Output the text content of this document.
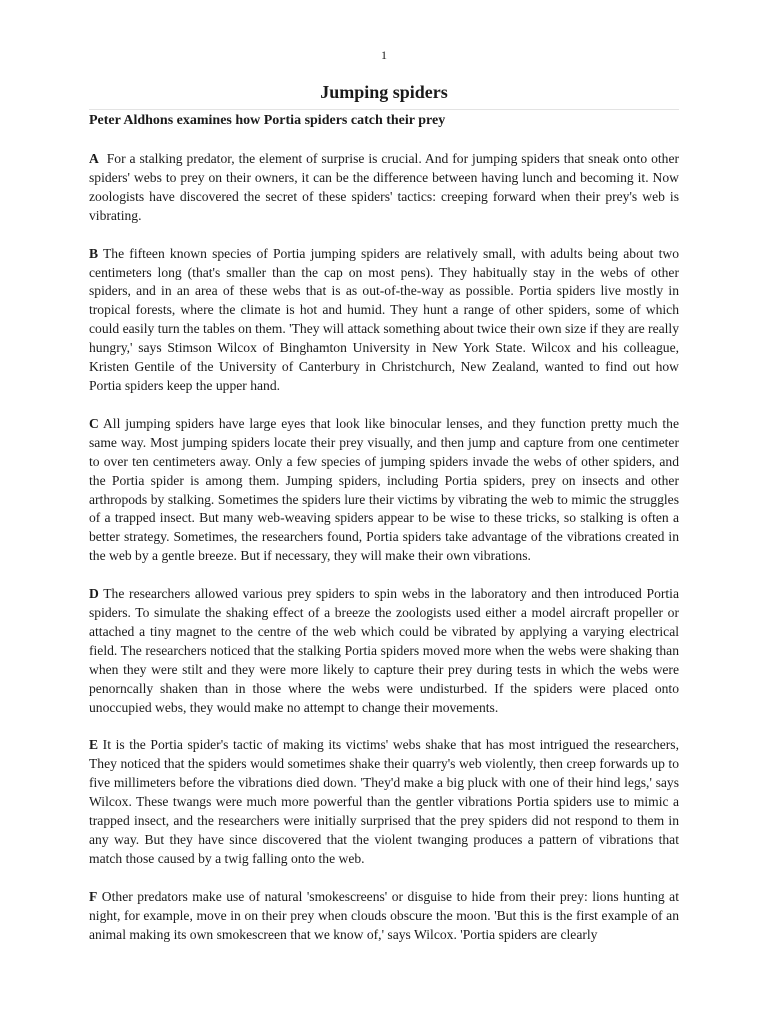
1
Jumping spiders

Peter Aldhons examines how Portia spiders catch their prey

A For a stalking predator, the element of surprise is crucial. And for jumping spiders that sneak onto other spiders' webs to prey on their owners, it can be the difference between having lunch and becoming it. Now zoologists have discovered the secret of these spiders' tactics: creeping forward when their prey's web is vibrating.

B The fifteen known species of Portia jumping spiders are relatively small, with adults being about two centimeters long (that's smaller than the cap on most pens). They habitually stay in the webs of other spiders, and in an area of these webs that is as out-of-the-way as possible. Portia spiders live mostly in tropical forests, where the climate is hot and humid. They hunt a range of other spiders, some of which could easily turn the tables on them. 'They will attack something about twice their own size if they are really hungry,' says Stimson Wilcox of Binghamton University in New York State. Wilcox and his colleague, Kristen Gentile of the University of Canterbury in Christchurch, New Zealand, wanted to find out how Portia spiders keep the upper hand.

C All jumping spiders have large eyes that look like binocular lenses, and they function pretty much the same way. Most jumping spiders locate their prey visually, and then jump and capture from one centimeter to over ten centimeters away. Only a few species of jumping spiders invade the webs of other spiders, and the Portia spider is among them. Jumping spiders, including Portia spiders, prey on insects and other arthropods by stalking. Sometimes the spiders lure their victims by vibrating the web to mimic the struggles of a trapped insect. But many web-weaving spiders appear to be wise to these tricks, so stalking is often a better strategy. Sometimes, the researchers found, Portia spiders take advantage of the vibrations created in the web by a gentle breeze. But if necessary, they will make their own vibrations.

D The researchers allowed various prey spiders to spin webs in the laboratory and then introduced Portia spiders. To simulate the shaking effect of a breeze the zoologists used either a model aircraft propeller or attached a tiny magnet to the centre of the web which could be vibrated by applying a varying electrical field. The researchers noticed that the stalking Portia spiders moved more when the webs were shaking than when they were stilt and they were more likely to capture their prey during tests in which the webs were penorncally shaken than in those where the webs were undisturbed. If the spiders were placed onto unoccupied webs, they would make no attempt to change their movements.

E It is the Portia spider's tactic of making its victims' webs shake that has most intrigued the researchers, They noticed that the spiders would sometimes shake their quarry's web violently, then creep forwards up to five millimeters before the vibrations died down. 'They'd make a big pluck with one of their hind legs,' says Wilcox. These twangs were much more powerful than the gentler vibrations Portia spiders use to mimic a trapped insect, and the researchers were initially surprised that the prey spiders did not respond to them in any way. But they have since discovered that the violent twanging produces a pattern of vibrations that match those caused by a twig falling onto the web.

F Other predators make use of natural 'smokescreens' or disguise to hide from their prey: lions hunting at night, for example, move in on their prey when clouds obscure the moon. 'But this is the first example of an animal making its own smokescreen that we know of,' says Wilcox. 'Portia spiders are clearly
